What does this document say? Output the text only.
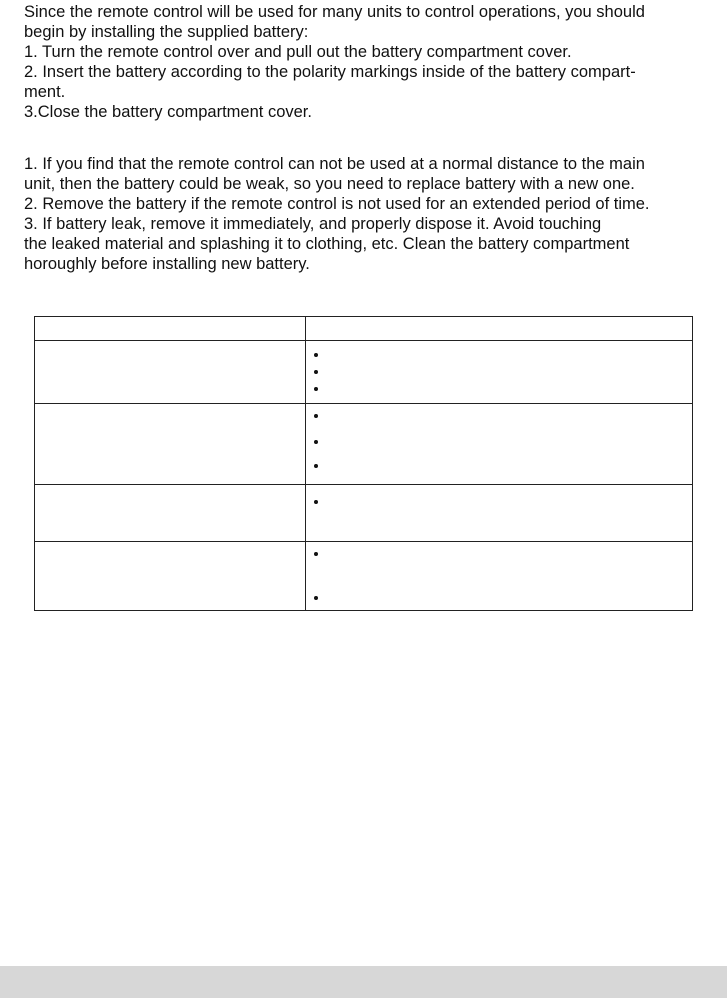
Since the remote control will be used for many units to control operations, you should
begin by installing the supplied battery:
1. Turn the remote control over and pull out the battery compartment cover.
2. Insert the battery according to the polarity markings inside of the battery compart-
ment.
3.Close the battery compartment cover.
1. If you find that the remote control can not be used at a normal distance to the main
unit, then the battery could be weak, so you need to replace battery with a new one.
2. Remove the battery if the remote control is not used for an extended period of time.
3. If battery leak, remove it immediately, and properly dispose it. Avoid touching
the leaked material and splashing it to clothing, etc. Clean the battery compartment
horoughly before installing new battery.
